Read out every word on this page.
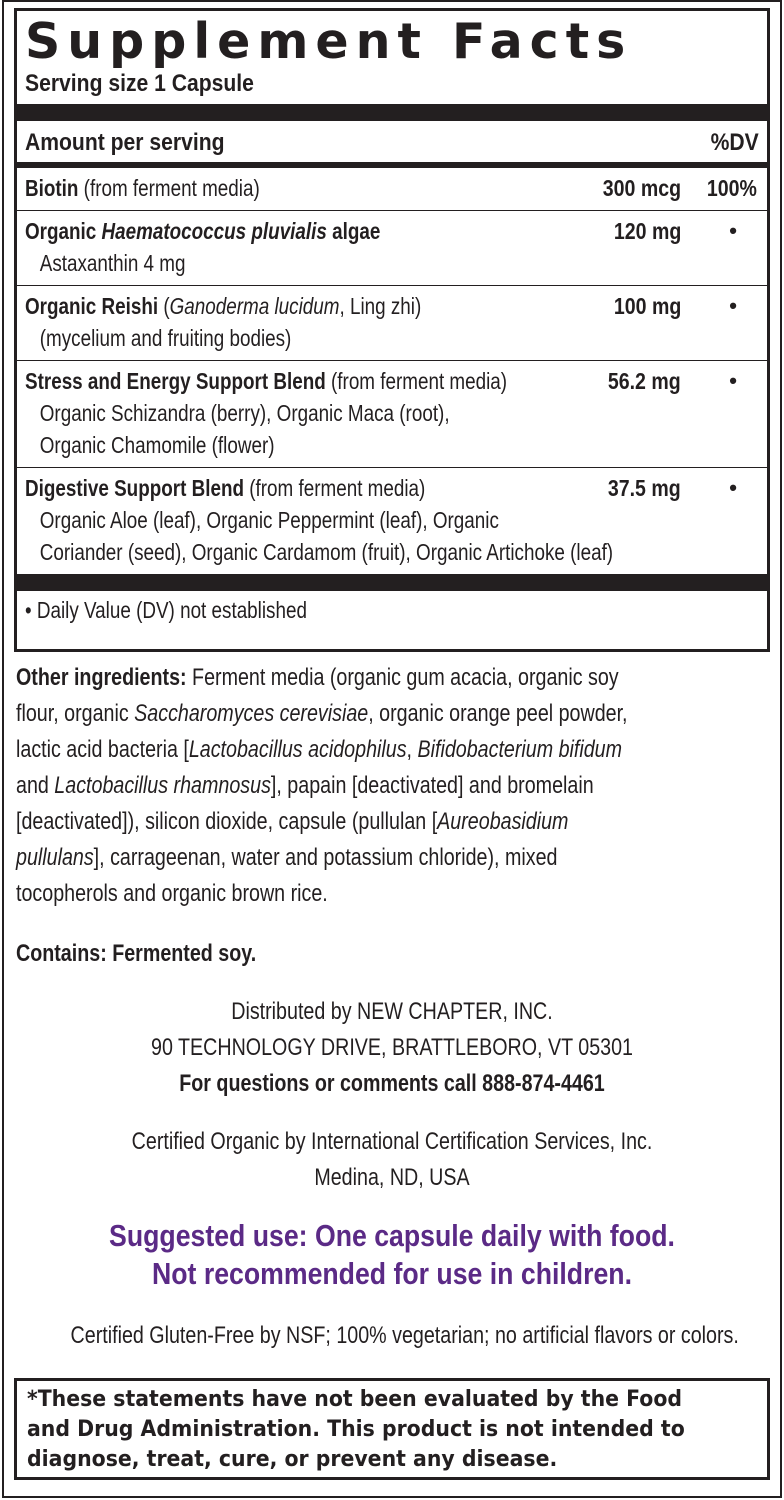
Supplement Facts
Serving size 1 Capsule
Amount per serving	%DV
Biotin (from ferment media)	300 mcg 100%
Organic Haematococcus pluvialis algae
Astaxanthin 4 mg
120 mg •
Organic Reishi (Ganoderma lucidum, Ling zhi)
(mycelium and fruiting bodies)
100 mg •
Stress and Energy Support Blend (from ferment media)
Organic Schizandra (berry), Organic Maca (root),
Organic Chamomile (flower)
56.2 mg •
Digestive Support Blend (from ferment media)
Organic Aloe (leaf), Organic Peppermint (leaf), Organic
Coriander (seed), Organic Cardamom (fruit), Organic Artichoke (leaf)
37.5 mg •
• Daily Value (DV) not established
Other ingredients: Ferment media (organic gum acacia, organic soy
flour, organic Saccharomyces cerevisiae, organic orange peel powder,
lactic acid bacteria [Lactobacillus acidophilus, Bifidobacterium bifidum
and Lactobacillus rhamnosus], papain [deactivated] and bromelain
[deactivated]), silicon dioxide, capsule (pullulan [Aureobasidium
pullulans], carrageenan, water and potassium chloride), mixed
tocopherols and organic brown rice.
Contains: Fermented soy.
Distributed by NEW CHAPTER, INC.
90 TECHNOLOGY DRIVE, BRATTLEBORO, VT 05301
For questions or comments call 888-874-4461
Certified Organic by International Certification Services, Inc.
Medina, ND, USA
Suggested use: One capsule daily with food.
Not recommended for use in children.
Certified Gluten-Free by NSF; 100% vegetarian; no artificial flavors or colors.
*These statements have not been evaluated by the Food
and Drug Administration. This product is not intended to
diagnose, treat, cure, or prevent any disease.
